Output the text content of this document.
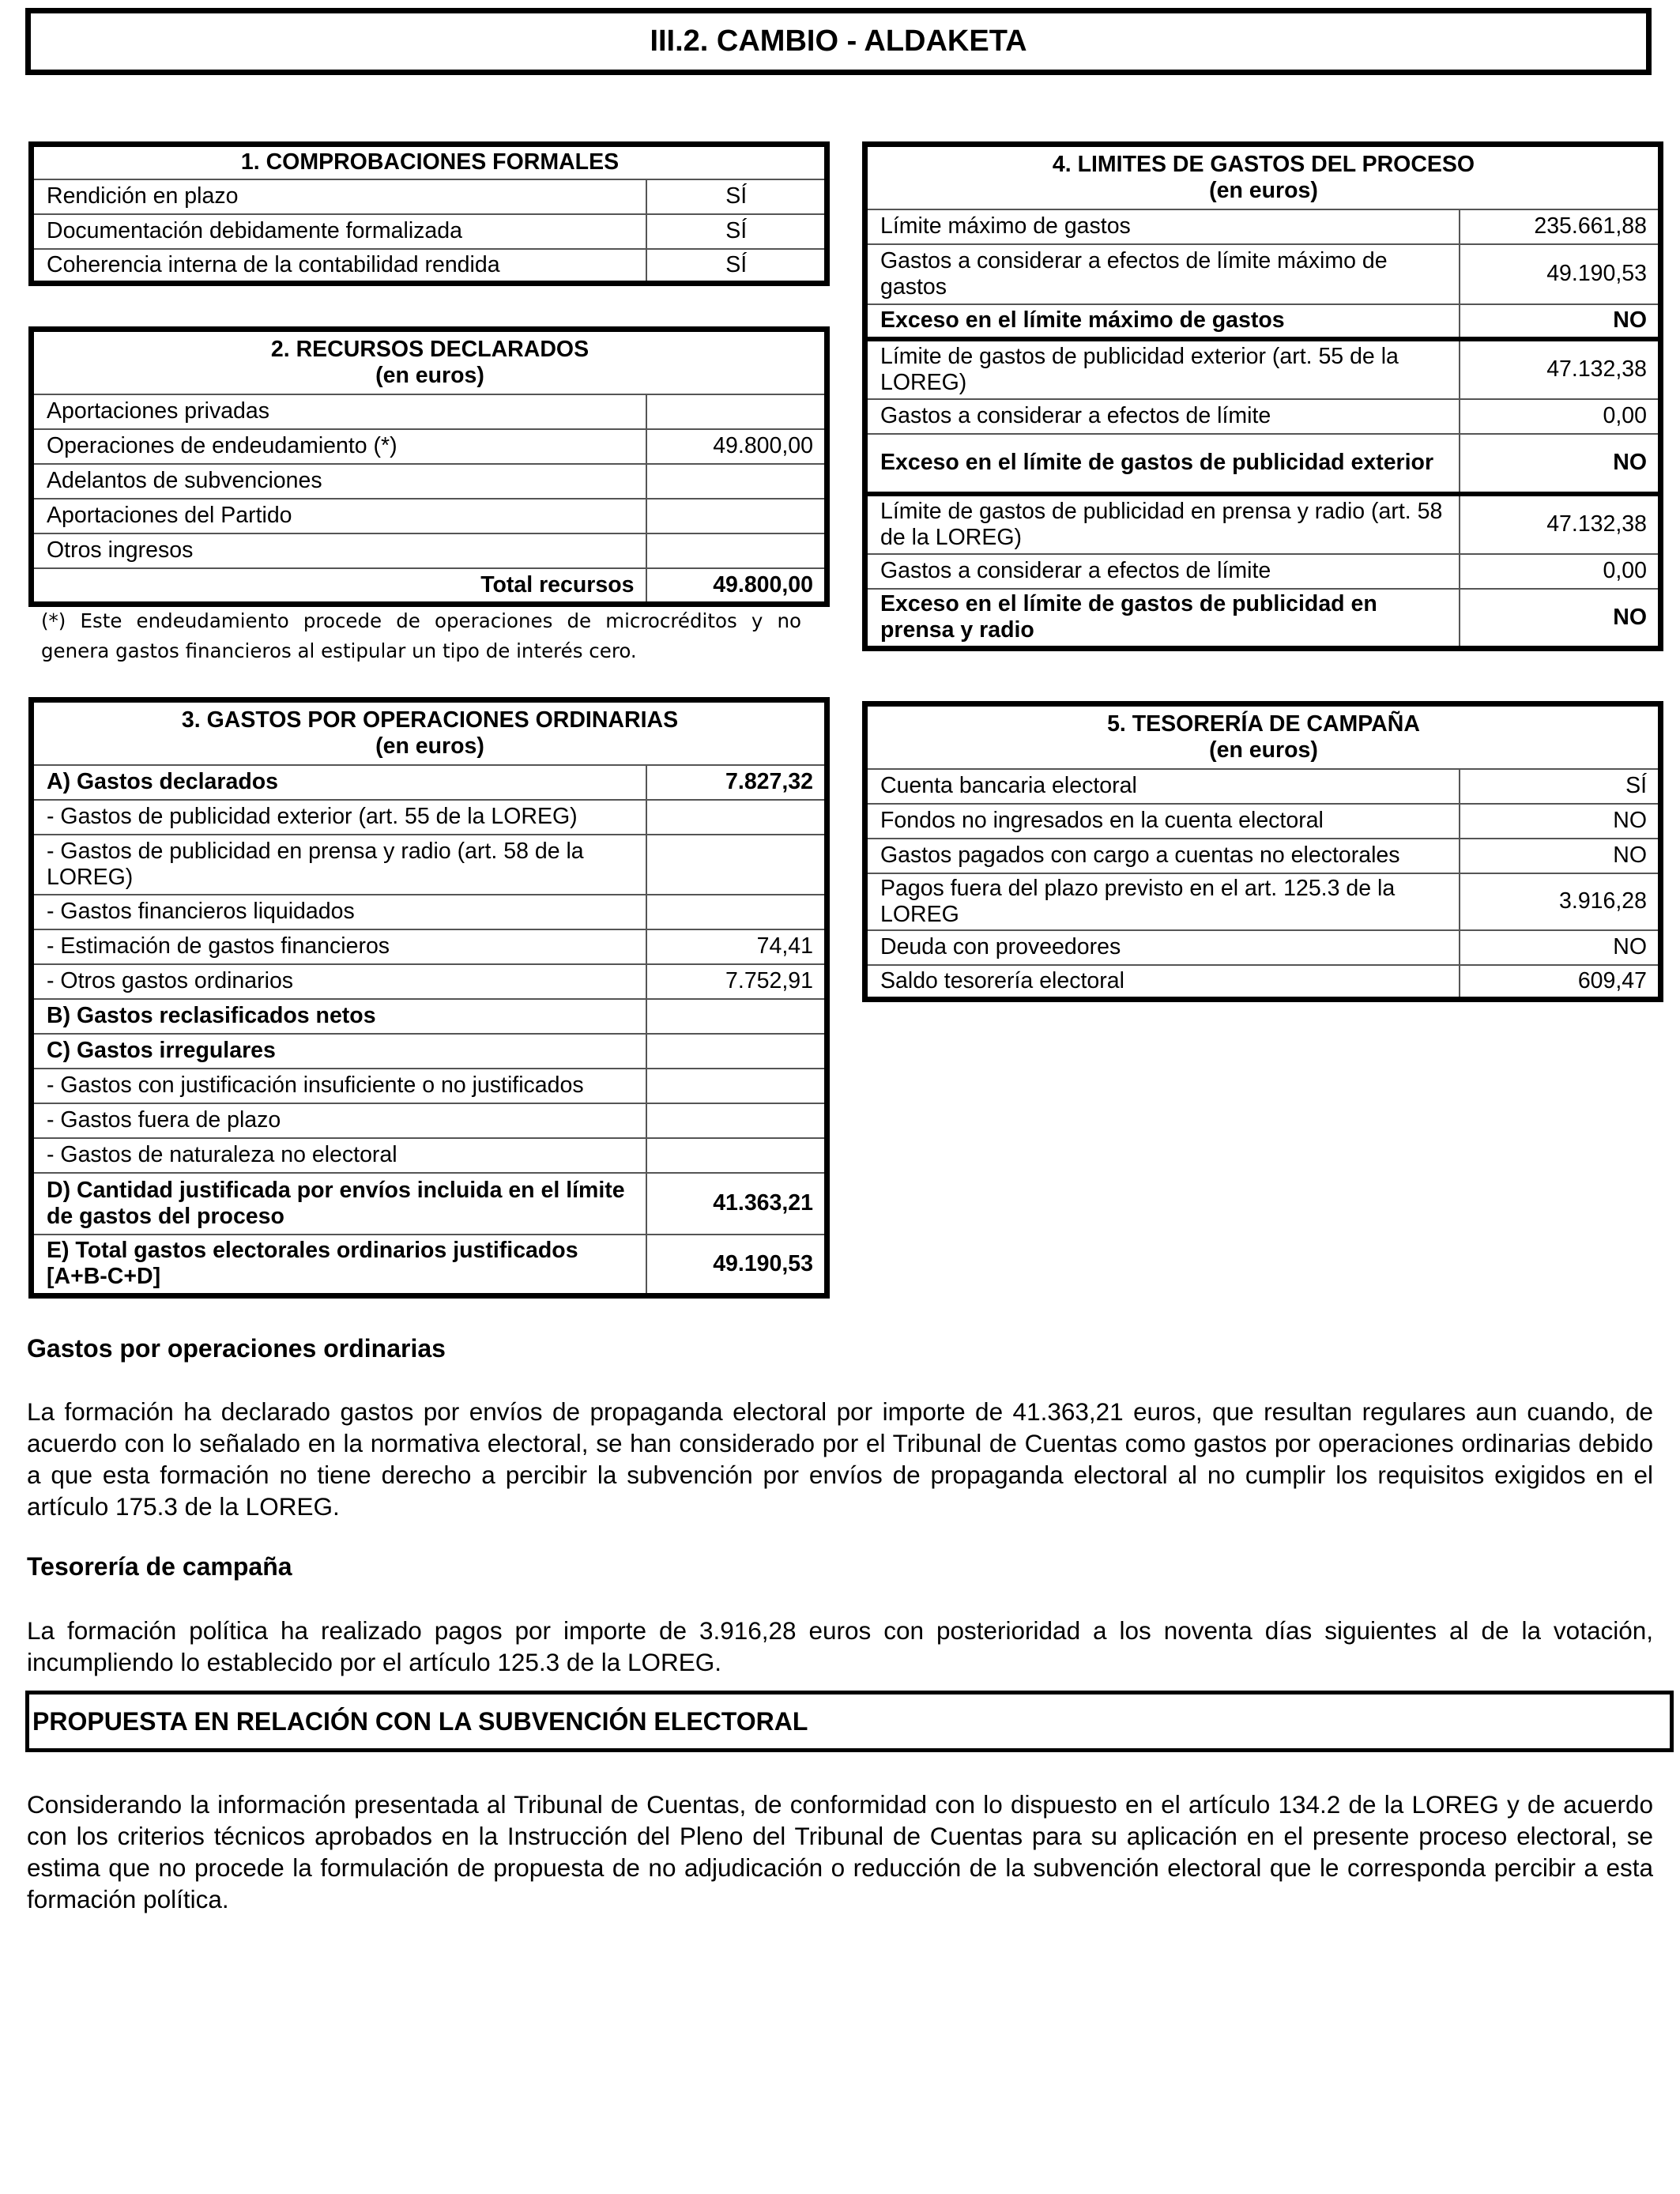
III.2. CAMBIO - ALDAKETA
1. COMPROBACIONES FORMALES	
Rendición en plazo	SÍ
Documentación debidamente formalizada	SÍ
Coherencia interna de la contabilidad rendida	SÍ
2. RECURSOS DECLARADOS
(en euros)	
Aportaciones privadas	
Operaciones de endeudamiento (*)	49.800,00
Adelantos de subvenciones	
Aportaciones del Partido	
Otros ingresos	
Total recursos	49.800,00
(*) Este endeudamiento procede de operaciones de microcréditos y no genera gastos financieros al estipular un tipo de interés cero.
3. GASTOS POR OPERACIONES ORDINARIAS
(en euros)	
A) Gastos declarados	7.827,32
- Gastos de publicidad exterior (art. 55 de la LOREG)	
- Gastos de publicidad en prensa y radio (art. 58 de la LOREG)	
- Gastos financieros liquidados	
- Estimación de gastos financieros	74,41
- Otros gastos ordinarios	7.752,91
B) Gastos reclasificados netos	
C) Gastos irregulares	
- Gastos con justificación insuficiente o no justificados	
- Gastos fuera de plazo	
- Gastos de naturaleza no electoral	
D) Cantidad justificada por envíos incluida en el límite de gastos del proceso	41.363,21
E) Total gastos electorales ordinarios justificados [A+B-C+D]	49.190,53
4. LIMITES DE GASTOS DEL PROCESO
(en euros)	
Límite máximo de gastos	235.661,88
Gastos a considerar a efectos de límite máximo de gastos	49.190,53
Exceso en el límite máximo de gastos	NO
Límite de gastos de publicidad exterior (art. 55 de la LOREG)	47.132,38
Gastos a considerar a efectos de límite	0,00
Exceso en el límite de gastos de publicidad exterior	NO
Límite de gastos de publicidad en prensa y radio (art. 58 de la LOREG)	47.132,38
Gastos a considerar a efectos de límite	0,00
Exceso en el límite de gastos de publicidad en prensa y radio	NO
5. TESORERÍA DE CAMPAÑA
(en euros)	
Cuenta bancaria electoral	SÍ
Fondos no ingresados en la cuenta electoral	NO
Gastos pagados con cargo a cuentas no electorales	NO
Pagos fuera del plazo previsto en el art. 125.3 de la LOREG	3.916,28
Deuda con proveedores	NO
Saldo tesorería electoral	609,47
Gastos por operaciones ordinarias
La formación ha declarado gastos por envíos de propaganda electoral por importe de 41.363,21 euros, que resultan regulares aun cuando, de acuerdo con lo señalado en la normativa electoral, se han considerado por el Tribunal de Cuentas como gastos por operaciones ordinarias debido a que esta formación no tiene derecho a percibir la subvención por envíos de propaganda electoral al no cumplir los requisitos exigidos en el artículo 175.3 de la LOREG.
Tesorería de campaña
La formación política ha realizado pagos por importe de 3.916,28 euros con posterioridad a los noventa días siguientes al de la votación, incumpliendo lo establecido por el artículo 125.3 de la LOREG.
PROPUESTA EN RELACIÓN CON LA SUBVENCIÓN ELECTORAL
Considerando la información presentada al Tribunal de Cuentas, de conformidad con lo dispuesto en el artículo 134.2 de la LOREG y de acuerdo con los criterios técnicos aprobados en la Instrucción del Pleno del Tribunal de Cuentas para su aplicación en el presente proceso electoral, se estima que no procede la formulación de propuesta de no adjudicación o reducción de la subvención electoral que le corresponda percibir a esta formación política.
